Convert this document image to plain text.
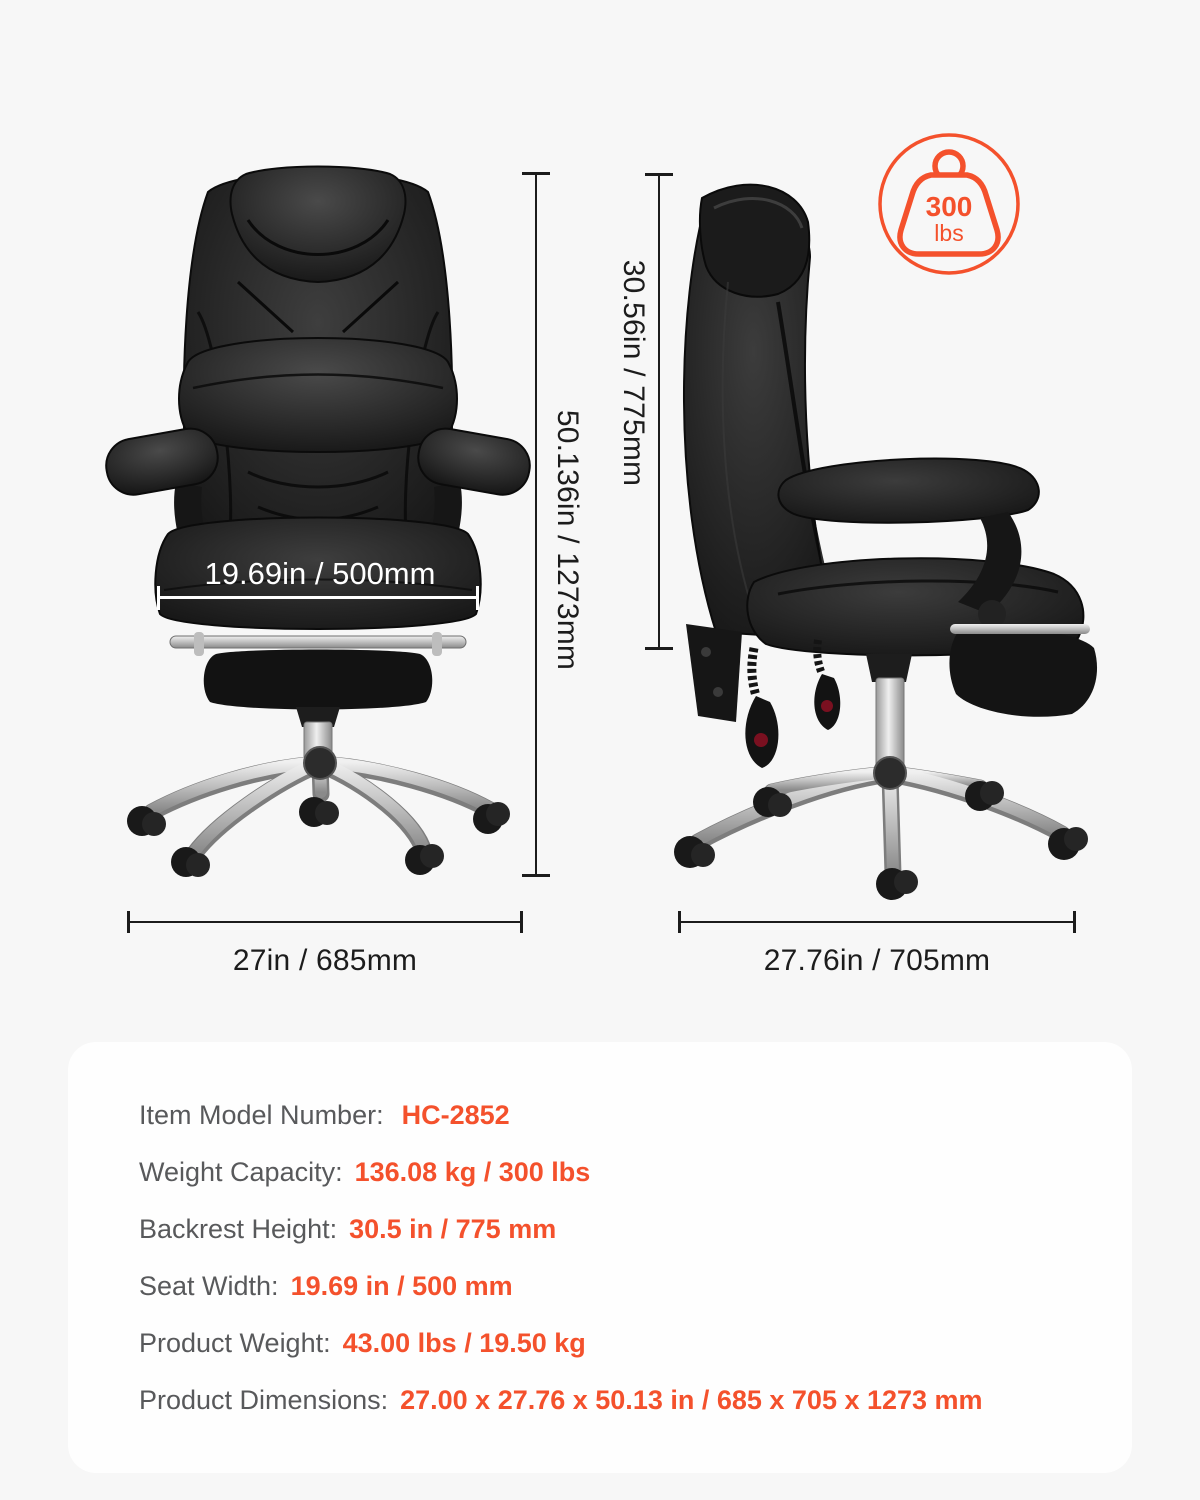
300
lbs
50.136in / 1273mm
27in / 685mm
19.69in / 500mm
30.56in / 775mm
27.76in / 705mm
Item Model Number: HC-2852
Weight Capacity: 136.08 kg / 300 lbs
Backrest Height: 30.5 in / 775 mm
Seat Width: 19.69 in / 500 mm
Product Weight: 43.00 lbs / 19.50 kg
Product Dimensions: 27.00 x 27.76 x 50.13 in / 685 x 705 x 1273 mm
